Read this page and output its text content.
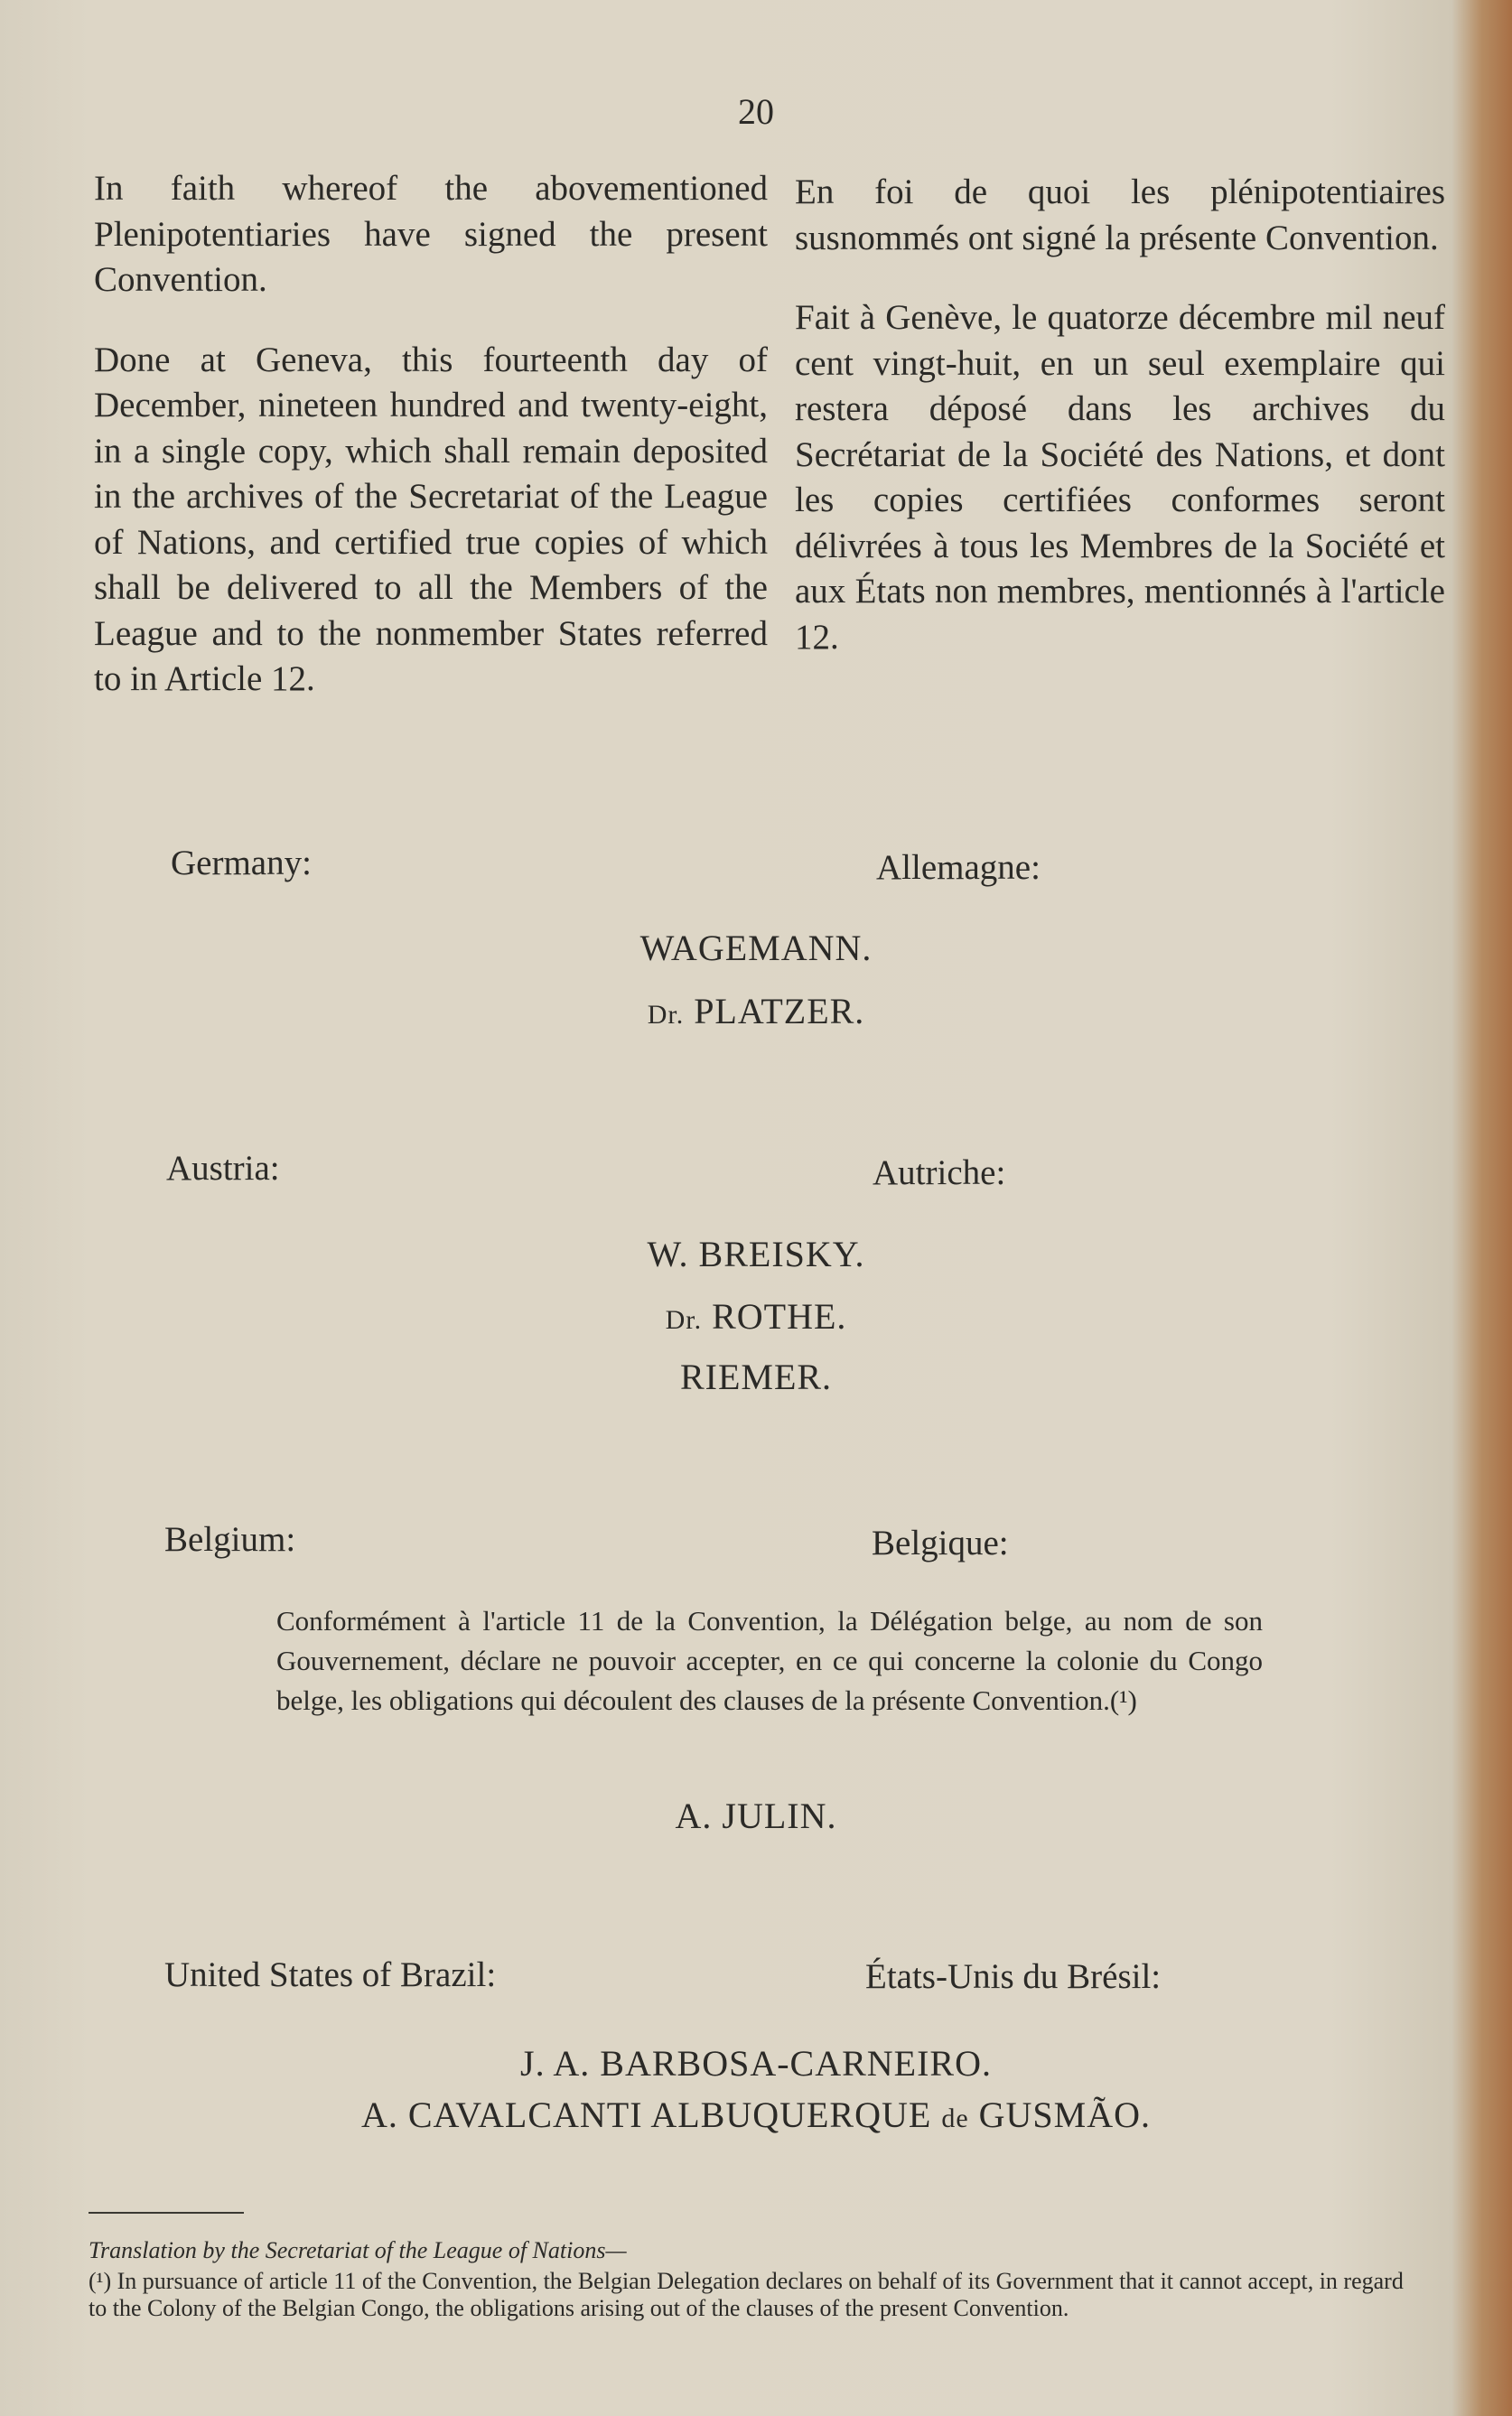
20

In faith whereof the abovementioned Plenipotentiaries have signed the present Convention.

Done at Geneva, this fourteenth day of December, nineteen hundred and twenty-eight, in a single copy, which shall remain deposited in the archives of the Secretariat of the League of Nations, and certified true copies of which shall be delivered to all the Members of the League and to the nonmember States referred to in Article 12.

En foi de quoi les plénipotentiaires susnommés ont signé la présente Convention.

Fait à Genève, le quatorze décembre mil neuf cent vingt-huit, en un seul exemplaire qui restera déposé dans les archives du Secrétariat de la Société des Nations, et dont les copies certifiées conformes seront délivrées à tous les Membres de la Société et aux États non membres, mentionnés à l'article 12.

Germany:	Allemagne:
WAGEMANN.
Dr. PLATZER.
Austria:	Autriche:
W. BREISKY.
Dr. ROTHE.
RIEMER.
Belgium:	Belgique:

Conformément à l'article 11 de la Convention, la Délégation belge, au nom de son Gouvernement, déclare ne pouvoir accepter, en ce qui concerne la colonie du Congo belge, les obligations qui découlent des clauses de la présente Convention.(¹)

A. JULIN.
United States of Brazil:	États-Unis du Brésil:
J. A. BARBOSA-CARNEIRO.
A. CAVALCANTI ALBUQUERQUE de GUSMÃO.

Translation by the Secretariat of the League of Nations—

(¹) In pursuance of article 11 of the Convention, the Belgian Delegation declares on behalf of its Government that it cannot accept, in regard to the Colony of the Belgian Congo, the obligations arising out of the clauses of the present Convention.
